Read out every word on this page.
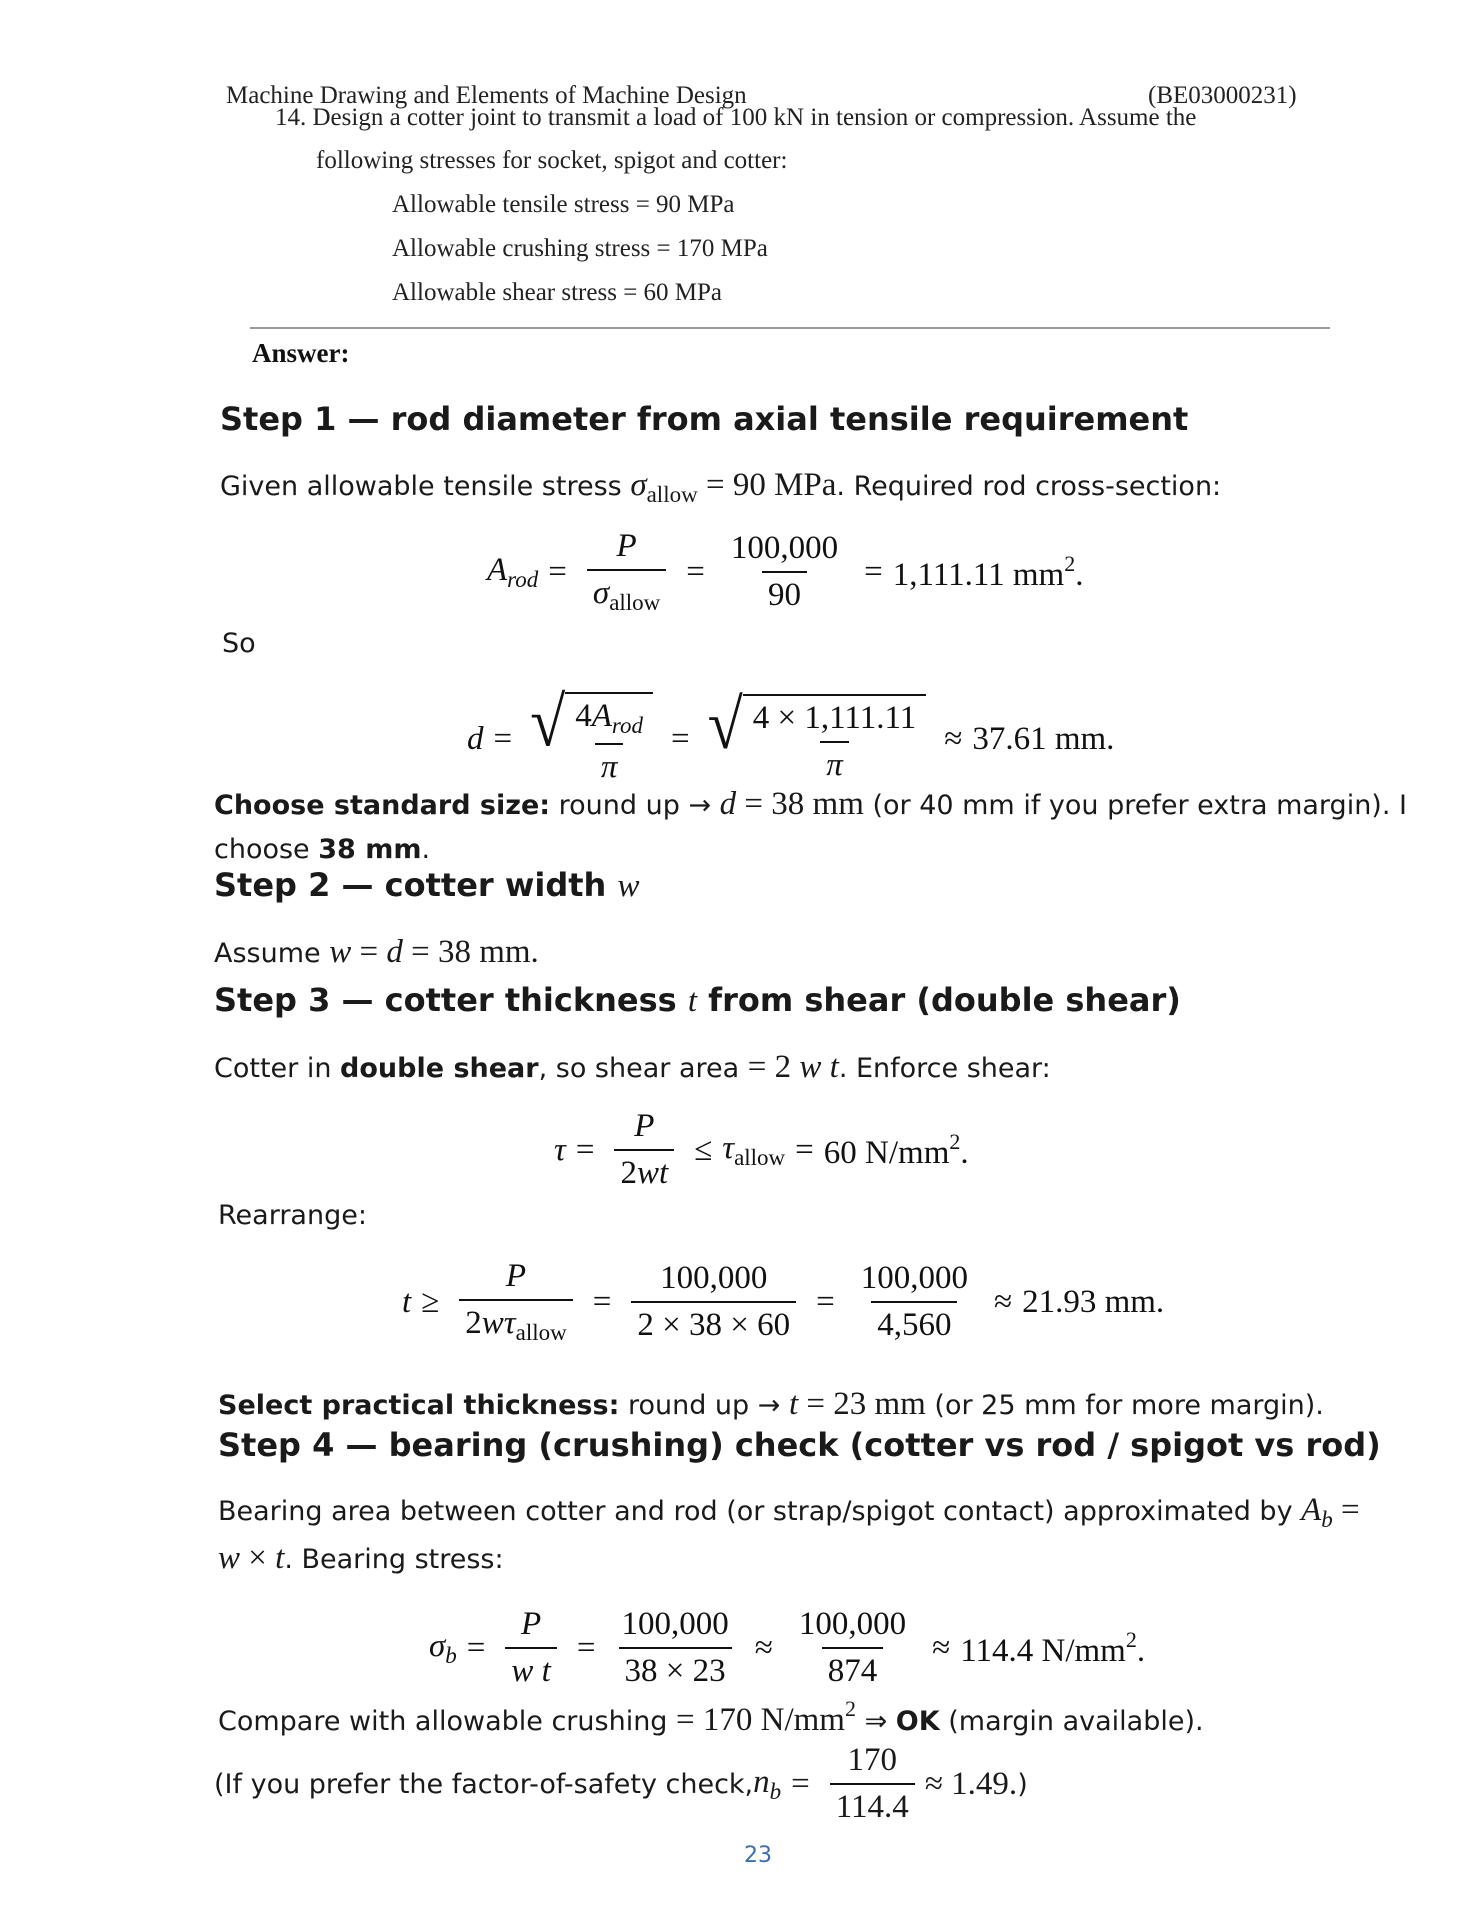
Machine Drawing and Elements of Machine Design	(BE03000231)
14. Design a cotter joint to transmit a load of 100 kN in tension or compression. Assume the
following stresses for socket, spigot and cotter:
Allowable tensile stress = 90 MPa
Allowable crushing stress = 170 MPa
Allowable shear stress = 60 MPa
Answer:
Step 1 — rod diameter from axial tensile requirement
Given allowable tensile stress $\sigma_{allow} = 90$ MPa. Required rod cross-section:
$A_{rod} = \frac{P}{\sigma_{allow}} = \frac{100,000}{90} = 1,111.11$ $mm^2$.
So
d = √ $\frac{4A_{rod}}{\pi}$ = √ $\frac{4 \times 1,111.11}{\pi} \approx 37.61$ mm.
Choose standard size: round up → d = 38 mm (or 40 mm if you prefer extra margin). I
choose 38 mm.
Step 2 — cotter width w
Assume w = d = 38 mm.
Step 3 — cotter thickness t from shear (double shear)
Cotter in double shear, so shear area = 2 w t. Enforce shear:
$\tau = \frac{P}{2wt} \le \tau_{allow} = 60$ $N/mm^2$.
Rearrange:
$t \ge \frac{P}{2w\tau_{allow}} = \frac{100,000}{2 \times 38 \times 60} = \frac{100,000}{4,560} \approx 21.93$ mm.
Select practical thickness: round up → t = 23 mm (or 25 mm for more margin).
Step 4 — bearing (crushing) check (cotter vs rod / spigot vs rod)
Bearing area between cotter and rod (or strap/spigot contact) approximated by $A_b$ =
w × t. Bearing stress:
$\sigma_b = \frac{P}{\text{w t}} = \frac{100,000}{38 \times 23} \approx \frac{100,000}{874} \approx 114.4$ $N/mm^2$.
Compare with allowable crushing = 170 $N/mm^2$ ⇒ OK (margin available).
(If you prefer the factor-of-safety check, $n_b = \frac{170}{114.4} \approx 1.49$. )
23
